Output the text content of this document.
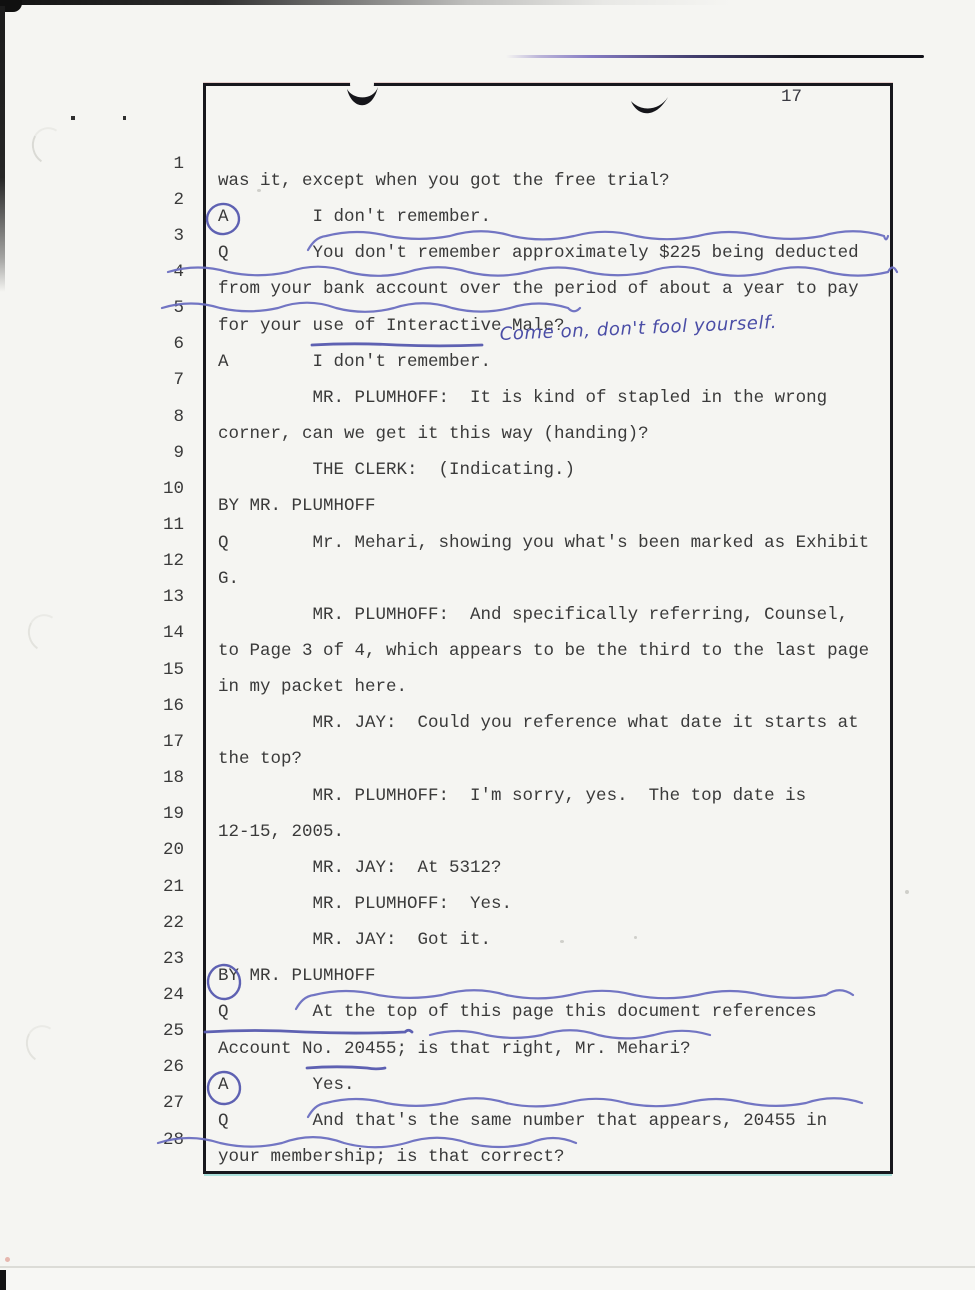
17

1

was it, except when you got the free trial?

2

A        I don't remember.

3

Q        You don't remember approximately $225 being deducted

4

from your bank account over the period of about a year to pay

5

for your use of Interactive Male?

6

A        I don't remember.

7

MR. PLUMHOFF:  It is kind of stapled in the wrong

8

corner, can we get it this way (handing)?

9

THE CLERK:  (Indicating.)

10

BY MR. PLUMHOFF

11

Q        Mr. Mehari, showing you what's been marked as Exhibit

12

G.

13

MR. PLUMHOFF:  And specifically referring, Counsel,

14

to Page 3 of 4, which appears to be the third to the last page

15

in my packet here.

16

MR. JAY:  Could you reference what date it starts at

17

the top?

18

MR. PLUMHOFF:  I'm sorry, yes.  The top date is

19

12-15, 2005.

20

MR. JAY:  At 5312?

21

MR. PLUMHOFF:  Yes.

22

MR. JAY:  Got it.

23

BY MR. PLUMHOFF

24

Q        At the top of this page this document references

25

Account No. 20455; is that right, Mr. Mehari?

26

A        Yes.

27

Q        And that's the same number that appears, 20455 in

28

your membership; is that correct?

Come on, don't fool yourself.
